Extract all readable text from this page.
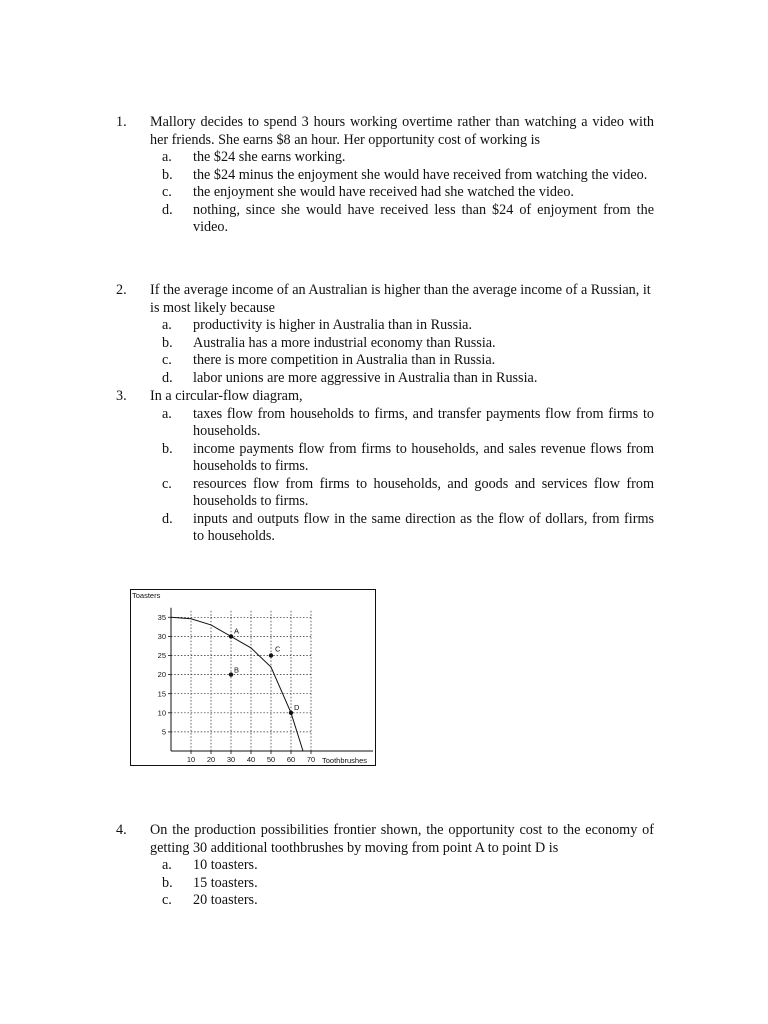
1. Mallory decides to spend 3 hours working overtime rather than watching a video with her friends. She earns $8 an hour. Her opportunity cost of working is
a. the $24 she earns working.
b. the $24 minus the enjoyment she would have received from watching the video.
c. the enjoyment she would have received had she watched the video.
d. nothing, since she would have received less than $24 of enjoyment from the video.
2. If the average income of an Australian is higher than the average income of a Russian, it is most likely because
a. productivity is higher in Australia than in Russia.
b. Australia has a more industrial economy than Russia.
c. there is more competition in Australia than in Russia.
d. labor unions are more aggressive in Australia than in Russia.
3. In a circular-flow diagram,
a. taxes flow from households to firms, and transfer payments flow from firms to households.
b. income payments flow from firms to households, and sales revenue flows from households to firms.
c. resources flow from firms to households, and goods and services flow from households to firms.
d. inputs and outputs flow in the same direction as the flow of dollars, from firms to households.
5
10
15
20
25
30
35
10 20 30 40 50 60 70
A
B
C
D
Toasters
Toothbrushes
4. On the production possibilities frontier shown, the opportunity cost to the economy of getting 30 additional toothbrushes by moving from point A to point D is
a. 10 toasters.
b. 15 toasters.
c. 20 toasters.
